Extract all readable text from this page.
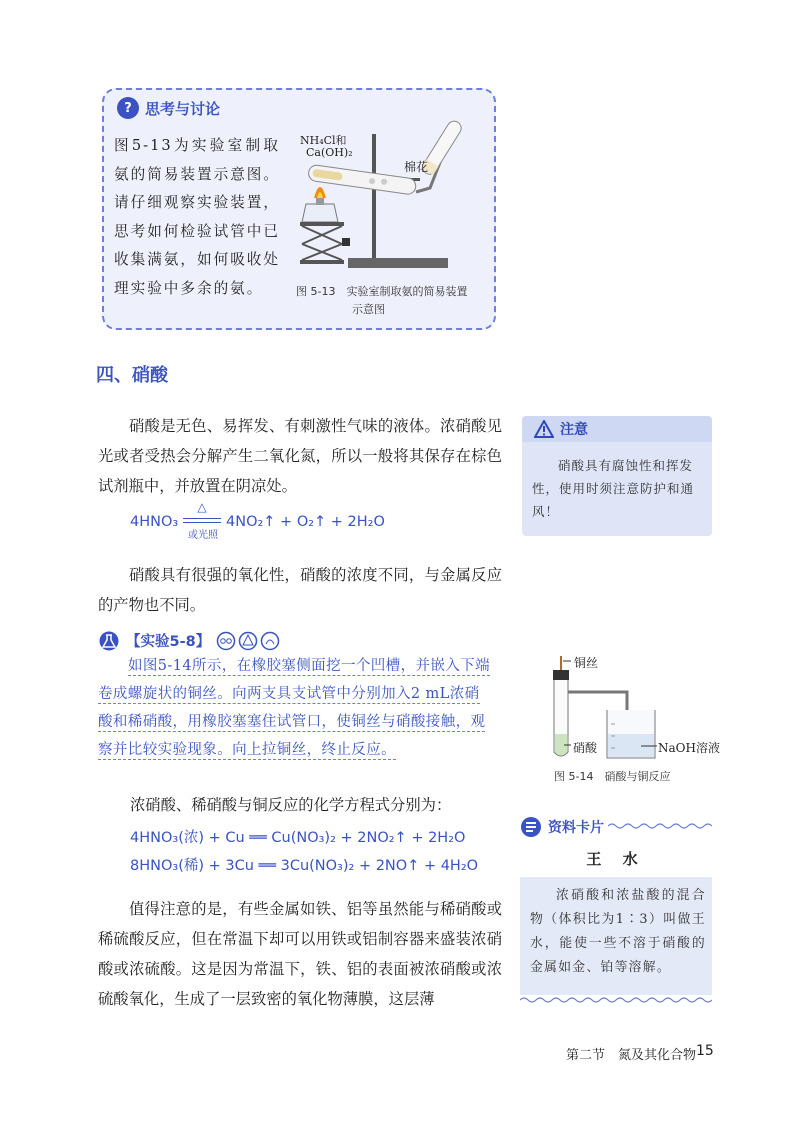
? 思考与讨论
图5-13为实验室制取氨的简易装置示意图。请仔细观察实验装置，思考如何检验试管中已收集满氨，如何吸收处理实验中多余的氨。
NH₄Cl和
Ca(OH)₂
棉花
图 5-13　实验室制取氨的简易装置
示意图
四、硝酸
硝酸是无色、易挥发、有刺激性气味的液体。浓硝酸见光或者受热会分解产生二氧化氮，所以一般将其保存在棕色试剂瓶中，并放置在阴凉处。
4HNO₃
△
或光照
4NO₂↑ + O₂↑ + 2H₂O
硝酸具有很强的氧化性，硝酸的浓度不同，与金属反应的产物也不同。
注意
硝酸具有腐蚀性和挥发性，使用时须注意防护和通风！
【实验5-8】
如图5-14所示，在橡胶塞侧面挖一个凹槽，并嵌入下端
卷成螺旋状的铜丝。向两支具支试管中分别加入2 mL浓硝
酸和稀硝酸，用橡胶塞塞住试管口，使铜丝与硝酸接触，观
察并比较实验现象。向上拉铜丝，终止反应。
铜丝
硝酸	NaOH溶液
图 5-14　硝酸与铜反应
浓硝酸、稀硝酸与铜反应的化学方程式分别为：
4HNO₃(浓) + Cu ══ Cu(NO₃)₂ + 2NO₂↑ + 2H₂O
8HNO₃(稀) + 3Cu ══ 3Cu(NO₃)₂ + 2NO↑ + 4H₂O
值得注意的是，有些金属如铁、铝等虽然能与稀硝酸或稀硫酸反应，但在常温下却可以用铁或铝制容器来盛装浓硝酸或浓硫酸。这是因为常温下，铁、铝的表面被浓硝酸或浓硫酸氧化，生成了一层致密的氧化物薄膜，这层薄
资料卡片
王 水
浓硝酸和浓盐酸的混合物（体积比为1∶3）叫做王水，能使一些不溶于硝酸的金属如金、铂等溶解。
第二节　氮及其化合物 15
